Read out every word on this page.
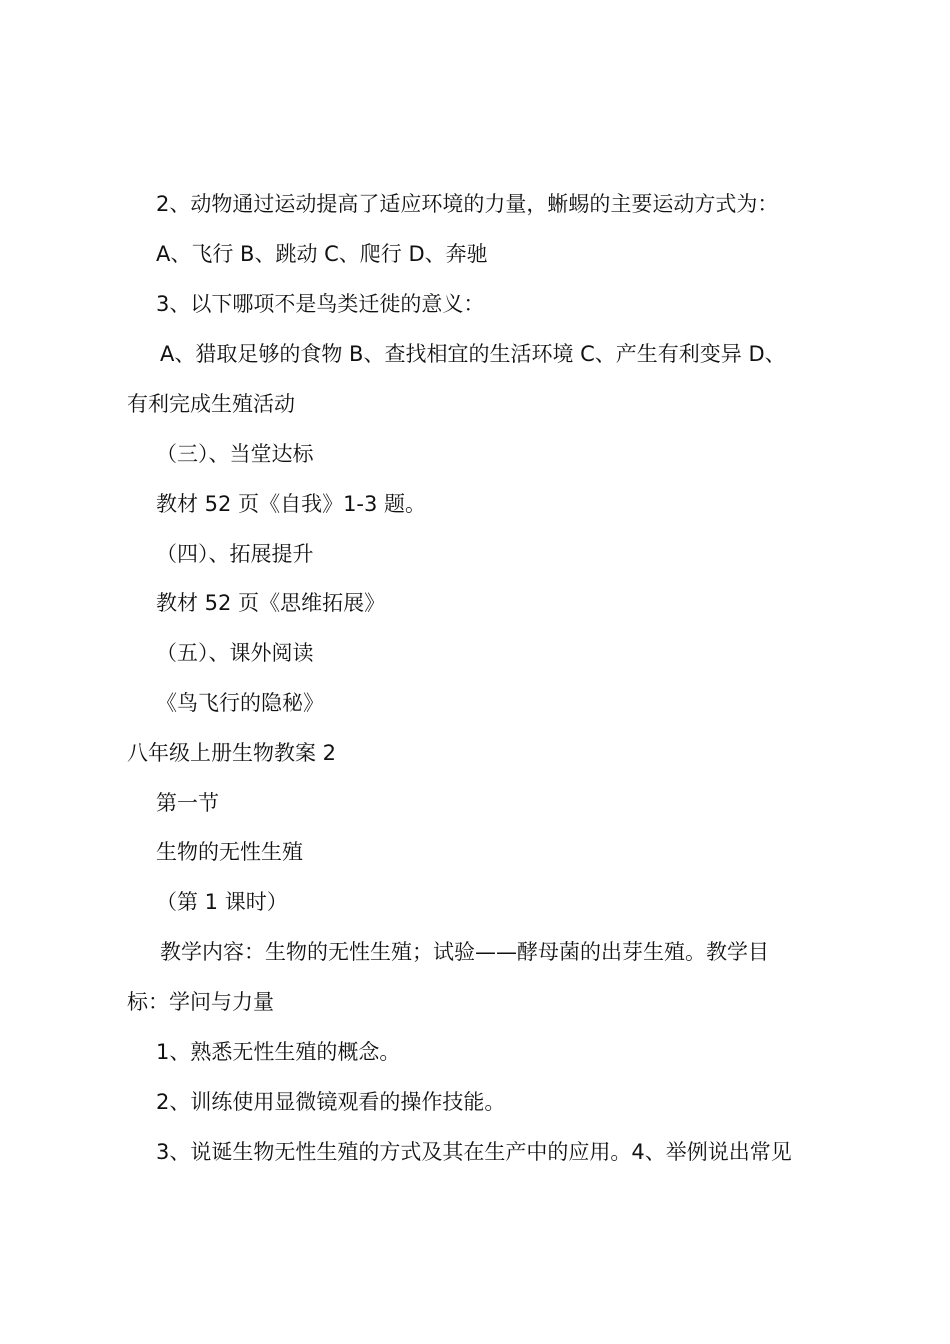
2、动物通过运动提高了适应环境的力量，蜥蜴的主要运动方式为：
A、飞行 B、跳动 C、爬行 D、奔驰
3、以下哪项不是鸟类迁徙的意义：
A、猎取足够的食物 B、查找相宜的生活环境 C、产生有利变异 D、
有利完成生殖活动
（三）、当堂达标
教材 52 页《自我》1-3 题。
（四）、拓展提升
教材 52 页《思维拓展》
（五）、课外阅读
《鸟飞行的隐秘》
八年级上册生物教案 2
第一节
生物的无性生殖
（第 1 课时）
教学内容：生物的无性生殖；试验——酵母菌的出芽生殖。教学目
标：学问与力量
1、熟悉无性生殖的概念。
2、训练使用显微镜观看的操作技能。
3、说诞生物无性生殖的方式及其在生产中的应用。4、举例说出常见
